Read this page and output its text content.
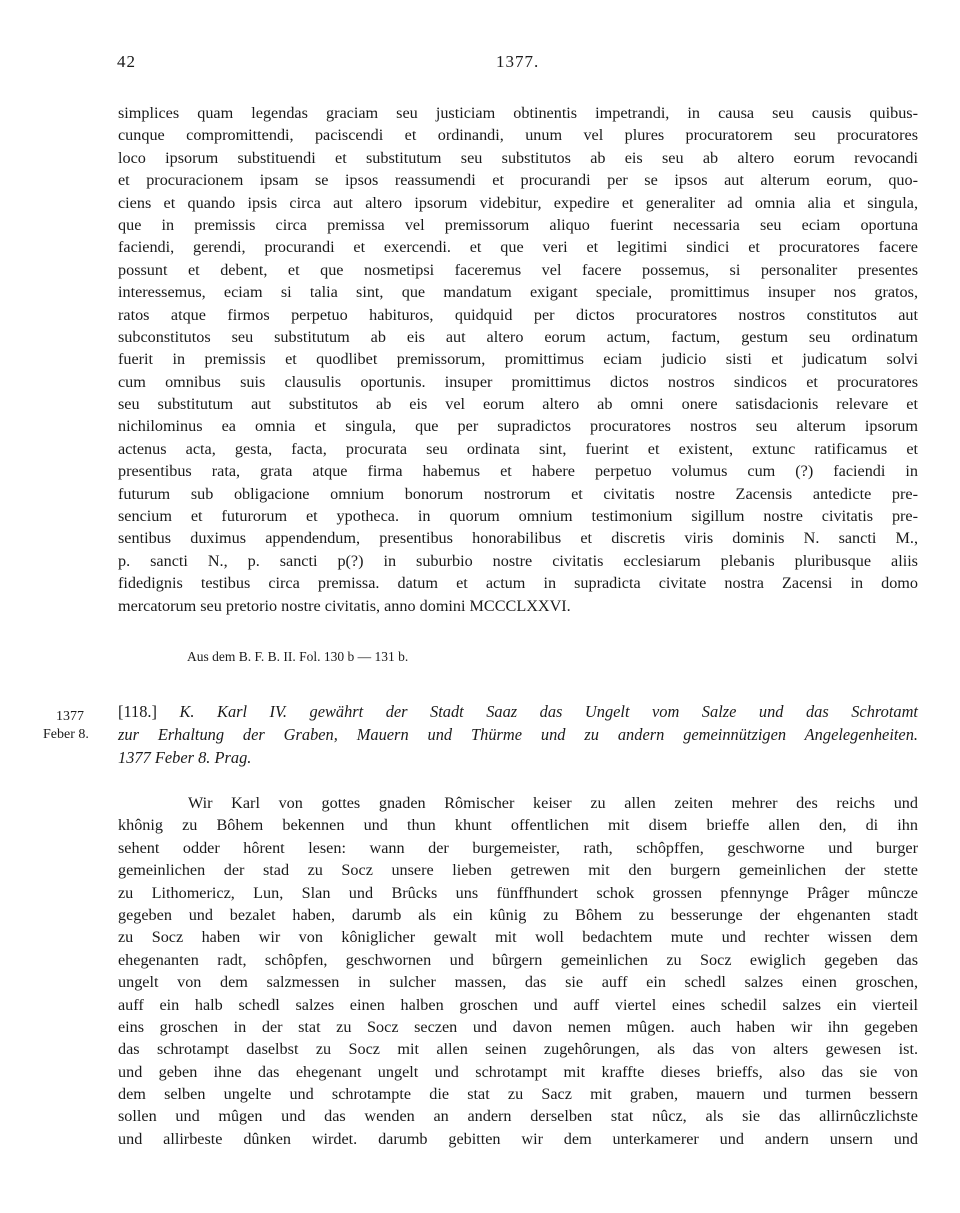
42	1377.
simplices quam legendas graciam seu justiciam obtinentis impetrandi, in causa seu causis quibus-
cunque compromittendi, paciscendi et ordinandi, unum vel plures procuratorem seu procuratores
loco ipsorum substituendi et substitutum seu substitutos ab eis seu ab altero eorum revocandi
et procuracionem ipsam se ipsos reassumendi et procurandi per se ipsos aut alterum eorum, quo-
ciens et quando ipsis circa aut altero ipsorum videbitur, expedire et generaliter ad omnia alia et singula,
que in premissis circa premissa vel premissorum aliquo fuerint necessaria seu eciam oportuna
faciendi, gerendi, procurandi et exercendi. et que veri et legitimi sindici et procuratores facere
possunt et debent, et que nosmetipsi faceremus vel facere possemus, si personaliter presentes
interessemus, eciam si talia sint, que mandatum exigant speciale, promittimus insuper nos gratos,
ratos atque firmos perpetuo habituros, quidquid per dictos procuratores nostros constitutos aut
subconstitutos seu substitutum ab eis aut altero eorum actum, factum, gestum seu ordinatum
fuerit in premissis et quodlibet premissorum, promittimus eciam judicio sisti et judicatum solvi
cum omnibus suis clausulis oportunis. insuper promittimus dictos nostros sindicos et procuratores
seu substitutum aut substitutos ab eis vel eorum altero ab omni onere satisdacionis relevare et
nichilominus ea omnia et singula, que per supradictos procuratores nostros seu alterum ipsorum
actenus acta, gesta, facta, procurata seu ordinata sint, fuerint et existent, extunc ratificamus et
presentibus rata, grata atque firma habemus et habere perpetuo volumus cum (?) faciendi in
futurum sub obligacione omnium bonorum nostrorum et civitatis nostre Zacensis antedicte pre-
sencium et futurorum et ypotheca. in quorum omnium testimonium sigillum nostre civitatis pre-
sentibus duximus appendendum, presentibus honorabilibus et discretis viris dominis N. sancti M.,
p. sancti N., p. sancti p(?) in suburbio nostre civitatis ecclesiarum plebanis pluribusque aliis
fidedignis testibus circa premissa. datum et actum in supradicta civitate nostra Zacensi in domo
mercatorum seu pretorio nostre civitatis, anno domini MCCCLXXVI.
Aus dem B. F. B. II. Fol. 130 b — 131 b.
1377
Feber 8.
[118.] K. Karl IV. gewährt der Stadt Saaz das Ungelt vom Salze und das Schrotamt
zur Erhaltung der Graben, Mauern und Thürme und zu andern gemeinnützigen Angelegenheiten.
1377 Feber 8. Prag.
Wir Karl von gottes gnaden Rômischer keiser zu allen zeiten mehrer des reichs und
khônig zu Bôhem bekennen und thun khunt offentlichen mit disem brieffe allen den, di ihn
sehent odder hôrent lesen: wann der burgemeister, rath, schôpffen, geschworne und burger
gemeinlichen der stad zu Socz unsere lieben getrewen mit den burgern gemeinlichen der stette
zu Lithomericz, Lun, Slan und Brûcks uns fünffhundert schok grossen pfennynge Prâger mûncze
gegeben und bezalet haben, darumb als ein kûnig zu Bôhem zu besserunge der ehgenanten stadt
zu Socz haben wir von kôniglicher gewalt mit woll bedachtem mute und rechter wissen dem
ehegenanten radt, schôpfen, geschwornen und bûrgern gemeinlichen zu Socz ewiglich gegeben das
ungelt von dem salzmessen in sulcher massen, das sie auff ein schedl salzes einen groschen,
auff ein halb schedl salzes einen halben groschen und auff viertel eines schedil salzes ein vierteil
eins groschen in der stat zu Socz seczen und davon nemen mûgen. auch haben wir ihn gegeben
das schrotampt daselbst zu Socz mit allen seinen zugehôrungen, als das von alters gewesen ist.
und geben ihne das ehegenant ungelt und schrotampt mit kraffte dieses brieffs, also das sie von
dem selben ungelte und schrotampte die stat zu Sacz mit graben, mauern und turmen bessern
sollen und mûgen und das wenden an andern derselben stat nûcz, als sie das allirnûczlichste
und allirbeste dûnken wirdet. darumb gebitten wir dem unterkamerer und andern unsern und
